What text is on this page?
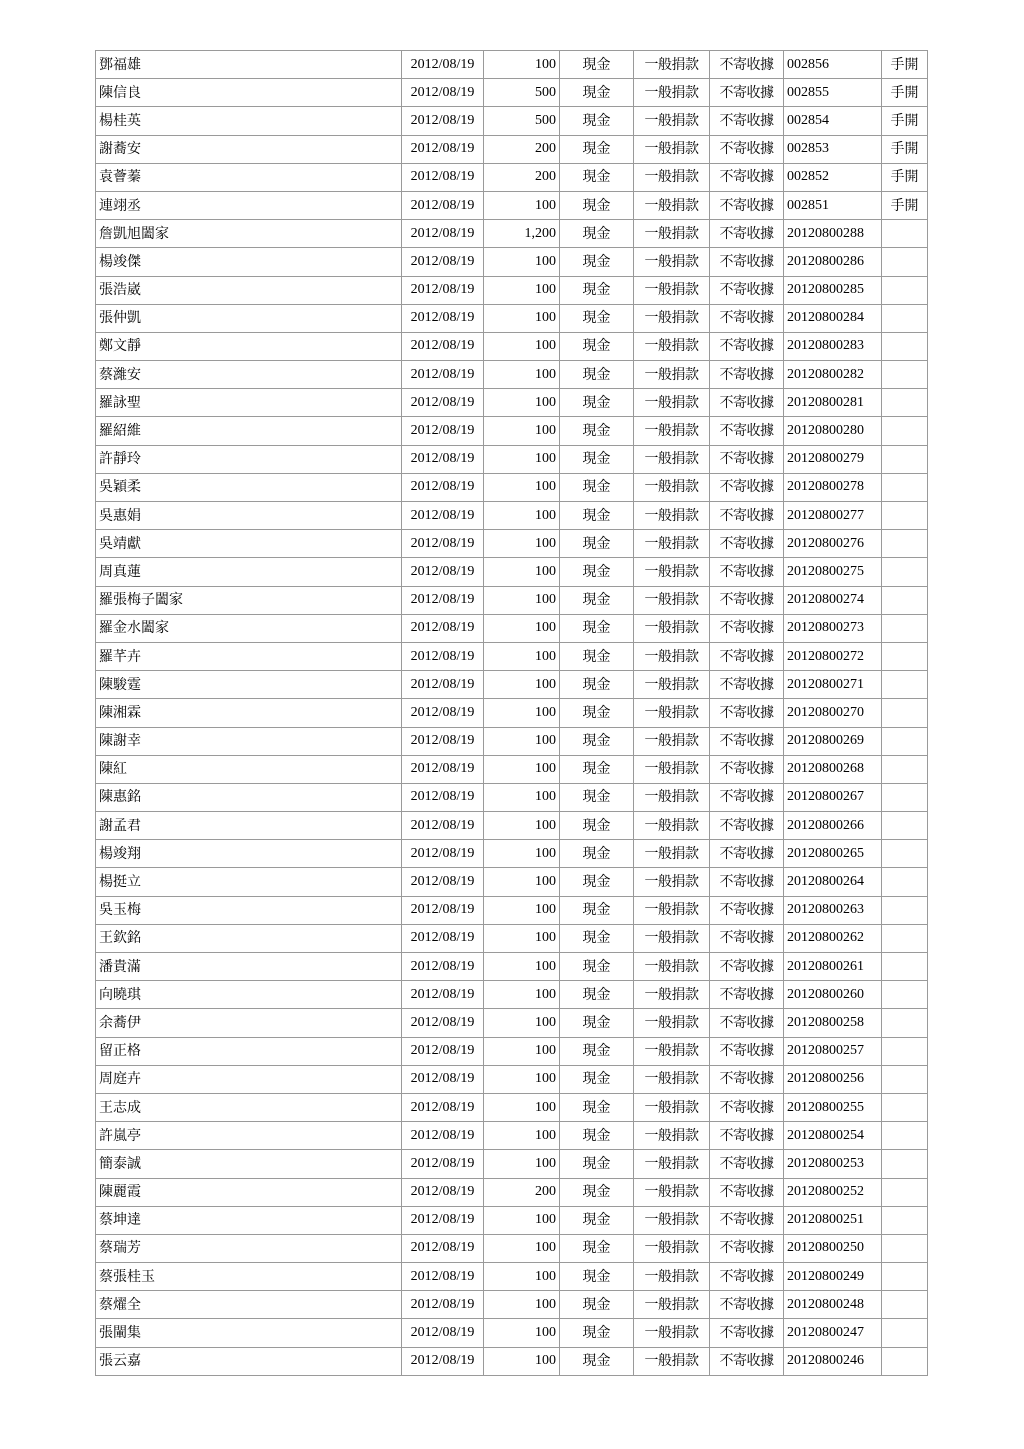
鄧福雄	2012/08/19	100	現金	一般捐款	不寄收據	002856	手開
陳信良	2012/08/19	500	現金	一般捐款	不寄收據	002855	手開
楊桂英	2012/08/19	500	現金	一般捐款	不寄收據	002854	手開
謝蕎安	2012/08/19	200	現金	一般捐款	不寄收據	002853	手開
袁薈蓁	2012/08/19	200	現金	一般捐款	不寄收據	002852	手開
連翊丞	2012/08/19	100	現金	一般捐款	不寄收據	002851	手開
詹凱旭闔家	2012/08/19	1,200	現金	一般捐款	不寄收據	20120800288	
楊竣傑	2012/08/19	100	現金	一般捐款	不寄收據	20120800286	
張浩崴	2012/08/19	100	現金	一般捐款	不寄收據	20120800285	
張仲凱	2012/08/19	100	現金	一般捐款	不寄收據	20120800284	
鄭文靜	2012/08/19	100	現金	一般捐款	不寄收據	20120800283	
蔡濰安	2012/08/19	100	現金	一般捐款	不寄收據	20120800282	
羅詠聖	2012/08/19	100	現金	一般捐款	不寄收據	20120800281	
羅紹維	2012/08/19	100	現金	一般捐款	不寄收據	20120800280	
許靜玲	2012/08/19	100	現金	一般捐款	不寄收據	20120800279	
吳穎柔	2012/08/19	100	現金	一般捐款	不寄收據	20120800278	
吳惠娟	2012/08/19	100	現金	一般捐款	不寄收據	20120800277	
吳靖獻	2012/08/19	100	現金	一般捐款	不寄收據	20120800276	
周真蓮	2012/08/19	100	現金	一般捐款	不寄收據	20120800275	
羅張梅子闔家	2012/08/19	100	現金	一般捐款	不寄收據	20120800274	
羅金水闔家	2012/08/19	100	現金	一般捐款	不寄收據	20120800273	
羅芊卉	2012/08/19	100	現金	一般捐款	不寄收據	20120800272	
陳駿霆	2012/08/19	100	現金	一般捐款	不寄收據	20120800271	
陳湘霖	2012/08/19	100	現金	一般捐款	不寄收據	20120800270	
陳謝幸	2012/08/19	100	現金	一般捐款	不寄收據	20120800269	
陳紅	2012/08/19	100	現金	一般捐款	不寄收據	20120800268	
陳惠銘	2012/08/19	100	現金	一般捐款	不寄收據	20120800267	
謝孟君	2012/08/19	100	現金	一般捐款	不寄收據	20120800266	
楊竣翔	2012/08/19	100	現金	一般捐款	不寄收據	20120800265	
楊挺立	2012/08/19	100	現金	一般捐款	不寄收據	20120800264	
吳玉梅	2012/08/19	100	現金	一般捐款	不寄收據	20120800263	
王欽銘	2012/08/19	100	現金	一般捐款	不寄收據	20120800262	
潘貴滿	2012/08/19	100	現金	一般捐款	不寄收據	20120800261	
向曉琪	2012/08/19	100	現金	一般捐款	不寄收據	20120800260	
余蕎伊	2012/08/19	100	現金	一般捐款	不寄收據	20120800258	
留正格	2012/08/19	100	現金	一般捐款	不寄收據	20120800257	
周庭卉	2012/08/19	100	現金	一般捐款	不寄收據	20120800256	
王志成	2012/08/19	100	現金	一般捐款	不寄收據	20120800255	
許嵐亭	2012/08/19	100	現金	一般捐款	不寄收據	20120800254	
簡泰誠	2012/08/19	100	現金	一般捐款	不寄收據	20120800253	
陳麗霞	2012/08/19	200	現金	一般捐款	不寄收據	20120800252	
蔡坤達	2012/08/19	100	現金	一般捐款	不寄收據	20120800251	
蔡瑞芳	2012/08/19	100	現金	一般捐款	不寄收據	20120800250	
蔡張桂玉	2012/08/19	100	現金	一般捐款	不寄收據	20120800249	
蔡燿全	2012/08/19	100	現金	一般捐款	不寄收據	20120800248	
張閳集	2012/08/19	100	現金	一般捐款	不寄收據	20120800247	
張云嘉	2012/08/19	100	現金	一般捐款	不寄收據	20120800246	
